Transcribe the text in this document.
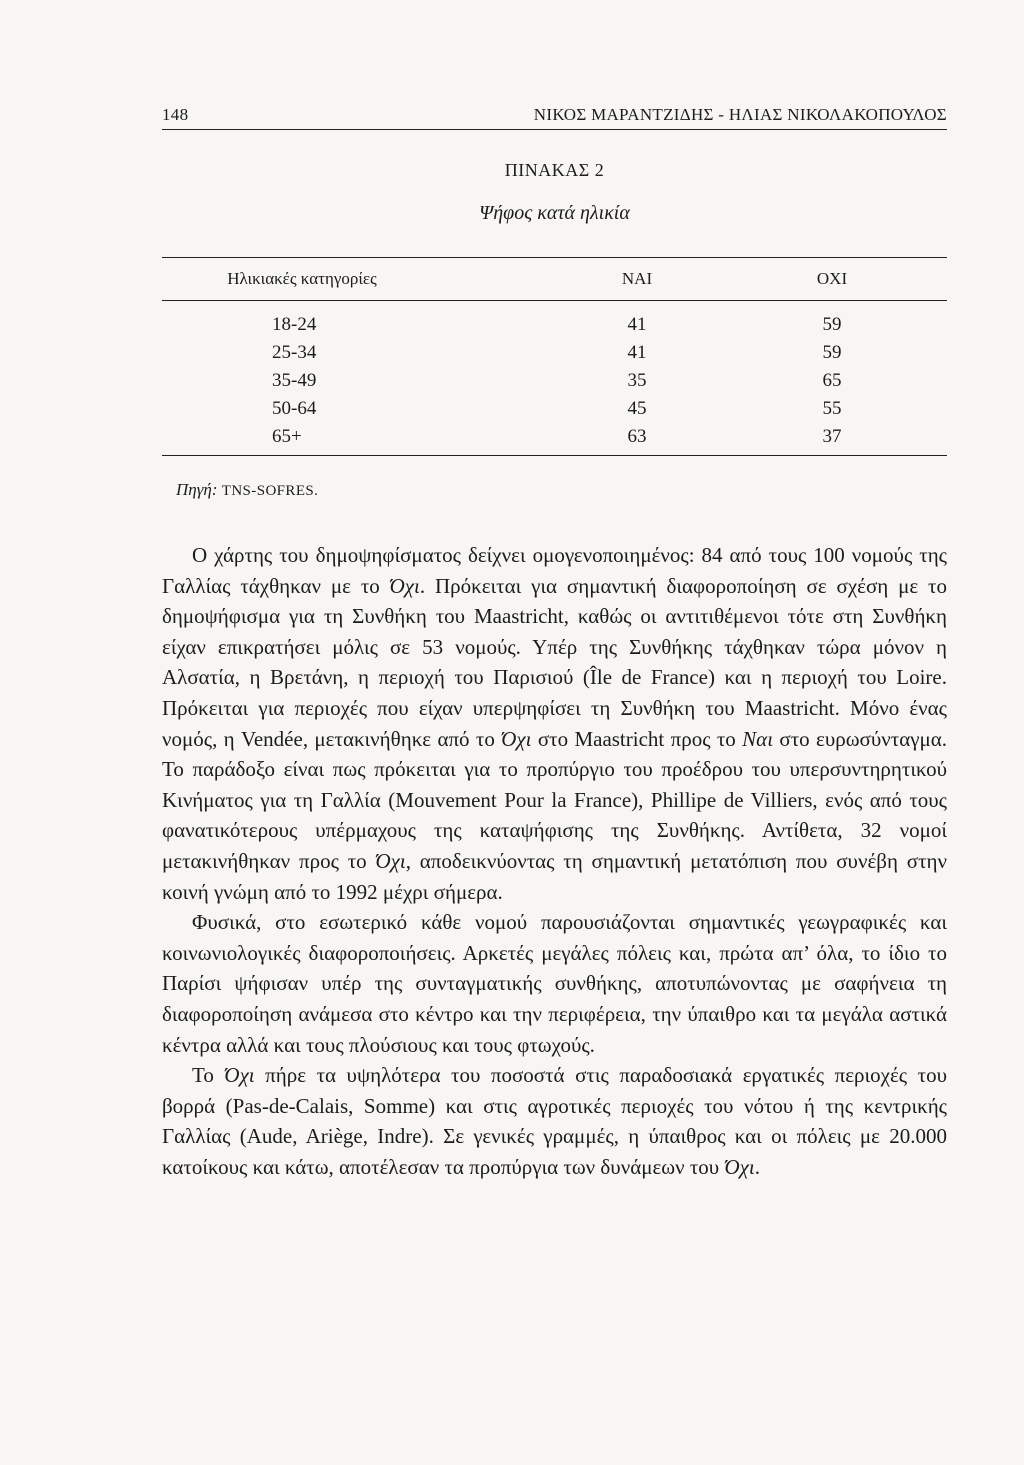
148	ΝΙΚΟΣ ΜΑΡΑΝΤΖΙΔΗΣ - ΗΛΙΑΣ ΝΙΚΟΛΑΚΟΠΟΥΛΟΣ
ΠΙΝΑΚΑΣ 2
Ψήφος κατά ηλικία
Ηλικιακές κατηγορίες	ΝΑΙ	ΟΧΙ
18-24	41	59
25-34	41	59
35-49	35	65
50-64	45	55
65+	63	37
Πηγή: TNS-SOFRES.

Ο χάρτης του δημοψηφίσματος δείχνει ομογενοποιημένος: 84 από τους 100 νομούς της Γαλλίας τάχθηκαν με το Όχι. Πρόκειται για σημαντική διαφοροποίηση σε σχέση με το δημοψήφισμα για τη Συνθήκη του Maastricht, καθώς οι αντιτιθέμενοι τότε στη Συνθήκη είχαν επικρατήσει μόλις σε 53 νομούς. Υπέρ της Συνθήκης τάχθηκαν τώρα μόνον η Αλσατία, η Βρετάνη, η περιοχή του Παρισιού (Île de France) και η περιοχή του Loire. Πρόκειται για περιοχές που είχαν υπερψηφίσει τη Συνθήκη του Maastricht. Μόνο ένας νομός, η Vendée, μετακινήθηκε από το Όχι στο Maastricht προς το Ναι στο ευρωσύνταγμα. Το παράδοξο είναι πως πρόκειται για το προπύργιο του προέδρου του υπερσυντηρητικού Κινήματος για τη Γαλλία (Mouvement Pour la France), Phillipe de Villiers, ενός από τους φανατικότερους υπέρμαχους της καταψήφισης της Συνθήκης. Αντίθετα, 32 νομοί μετακινήθηκαν προς το Όχι, αποδεικνύοντας τη σημαντική μετατόπιση που συνέβη στην κοινή γνώμη από το 1992 μέχρι σήμερα.

Φυσικά, στο εσωτερικό κάθε νομού παρουσιάζονται σημαντικές γεωγραφικές και κοινωνιολογικές διαφοροποιήσεις. Αρκετές μεγάλες πόλεις και, πρώτα απ’ όλα, το ίδιο το Παρίσι ψήφισαν υπέρ της συνταγματικής συνθήκης, αποτυπώνοντας με σαφήνεια τη διαφοροποίηση ανάμεσα στο κέντρο και την περιφέρεια, την ύπαιθρο και τα μεγάλα αστικά κέντρα αλλά και τους πλούσιους και τους φτωχούς.

Το Όχι πήρε τα υψηλότερα του ποσοστά στις παραδοσιακά εργατικές περιοχές του βορρά (Pas-de-Calais, Somme) και στις αγροτικές περιοχές του νότου ή της κεντρικής Γαλλίας (Aude, Ariège, Indre). Σε γενικές γραμμές, η ύπαιθρος και οι πόλεις με 20.000 κατοίκους και κάτω, αποτέλεσαν τα προπύργια των δυνάμεων του Όχι.
